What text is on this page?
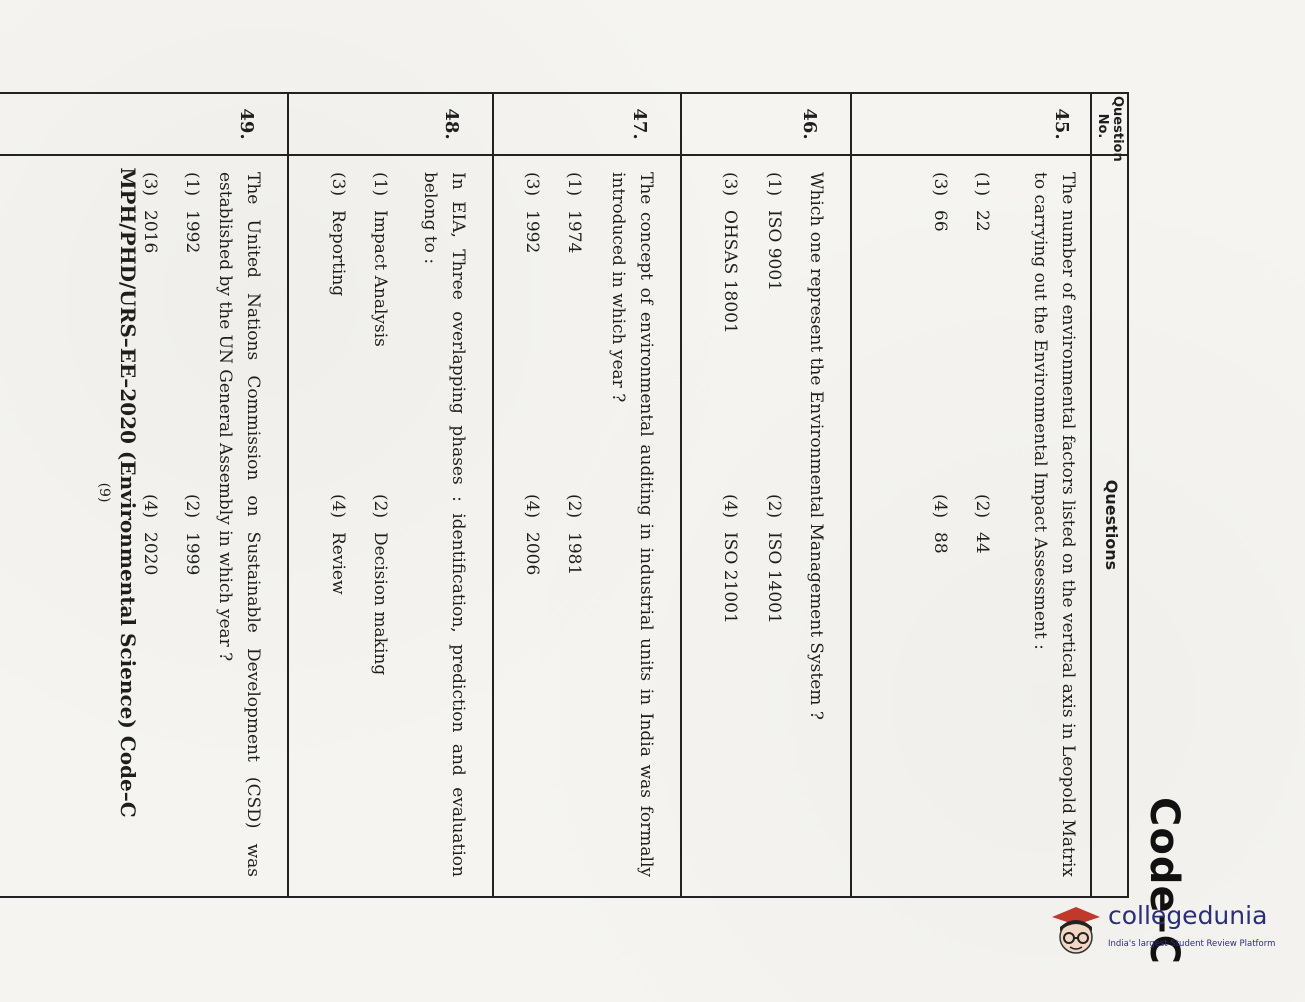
Code–C
Question No.
Questions
45.
The number of environmental factors listed on the vertical axis in Leopold Matrix to carrying out the Environmental Impact Assessment :
(1)22
(2)44
(3)66
(4)88
46.
Which one represent the Environmental Management System ?
(1)ISO 9001
(2)ISO 14001
(3)OHSAS 18001
(4)ISO 21001
47.
The concept of environmental auditing in industrial units in India was formally introduced in which year ?
(1)1974
(2)1981
(3)1992
(4)2006
48.
In EIA, Three overlapping phases : identification, prediction and evaluation belong to :
(1)Impact Analysis
(2)Decision making
(3)Reporting
(4)Review
49.
The United Nations Commission on Sustainable Development (CSD) was established by the UN General Assembly in which year ?
(1)1992
(2)1999
(3)2016
(4)2020
MPH/PHD/URS–EE–2020 (Environmental Science) Code–C
(9)
collegedunia
India's largest Student Review Platform
